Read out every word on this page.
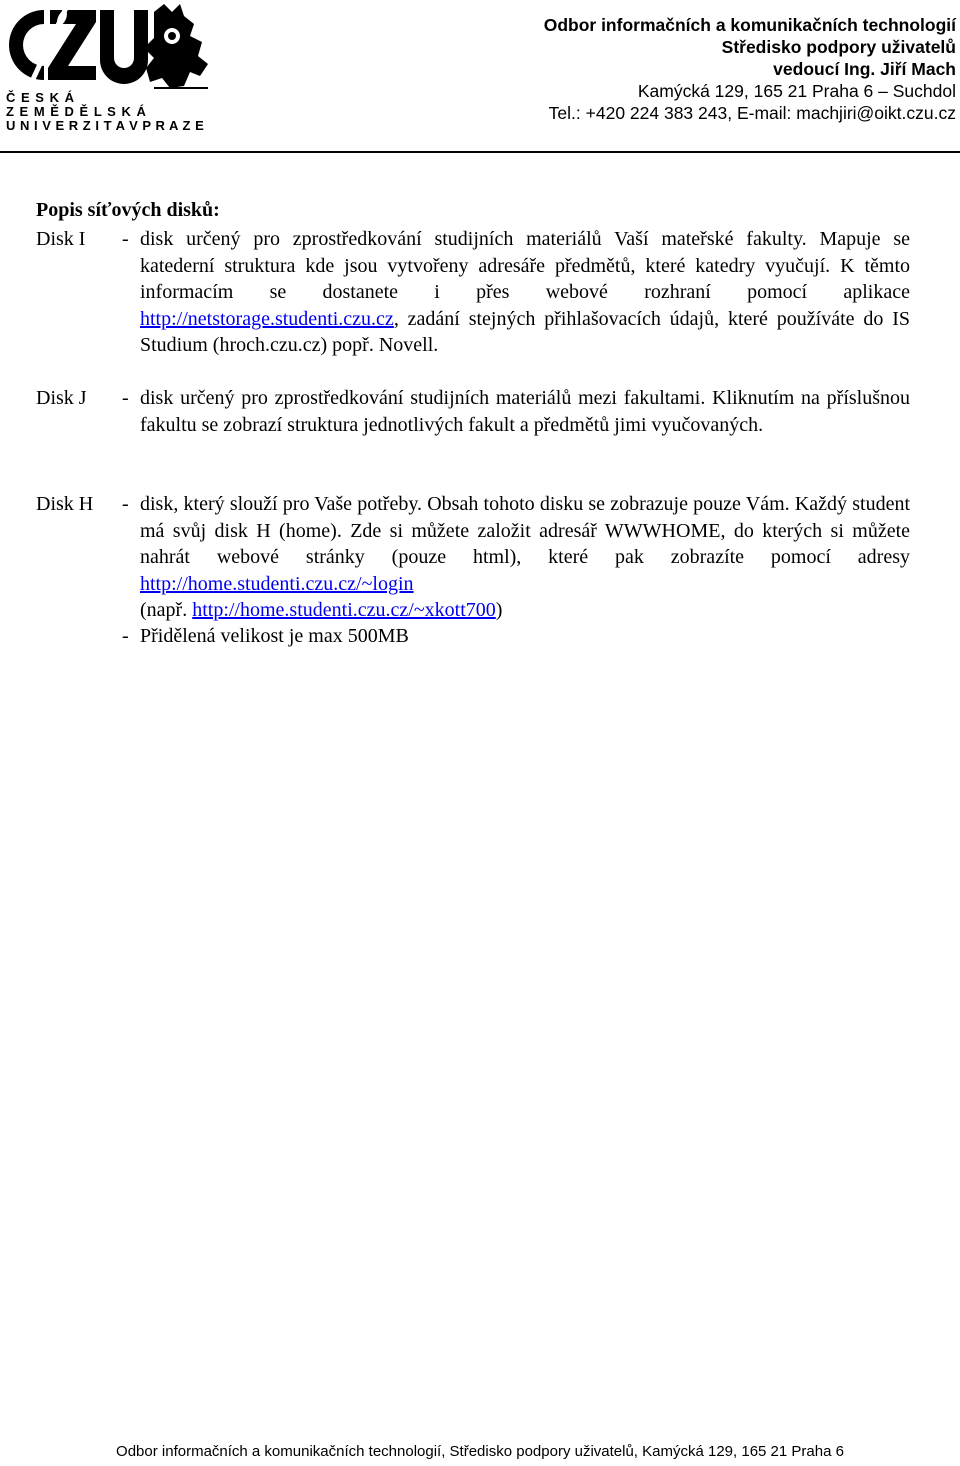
Č E S K Á
Z E M Ě D Ě L S K Á
U N I V E R Z I T A V P R A Z E
Odbor informačních a komunikačních technologií
Středisko podpory uživatelů
vedoucí Ing. Jiří Mach
Kamýcká 129, 165 21 Praha 6 – Suchdol
Tel.: +420 224 383 243, E-mail: machjiri@oikt.czu.cz
Popis síťových disků:
Disk I - disk určený pro zprostředkování studijních materiálů Vaší mateřské fakulty. Mapuje se katederní struktura kde jsou vytvořeny adresáře předmětů, které katedry vyučují. K těmto informacím se dostanete i přes webové rozhraní pomocí aplikace http://netstorage.studenti.czu.cz, zadání stejných přihlašovacích údajů, které používáte do IS Studium (hroch.czu.cz) popř. Novell.
Disk J - disk určený pro zprostředkování studijních materiálů mezi fakultami. Kliknutím na příslušnou fakultu se zobrazí struktura jednotlivých fakult a předmětů jimi vyučovaných.
Disk H - disk, který slouží pro Vaše potřeby. Obsah tohoto disku se zobrazuje pouze Vám. Každý student má svůj disk H (home). Zde si můžete založit adresář WWWHOME, do kterých si můžete nahrát webové stránky (pouze html), které pak zobrazíte pomocí adresy http://home.studenti.czu.cz/~login
(např. http://home.studenti.czu.cz/~xkott700)
- Přidělená velikost je max 500MB
Odbor informačních a komunikačních technologií, Středisko podpory uživatelů, Kamýcká 129, 165 21 Praha 6
